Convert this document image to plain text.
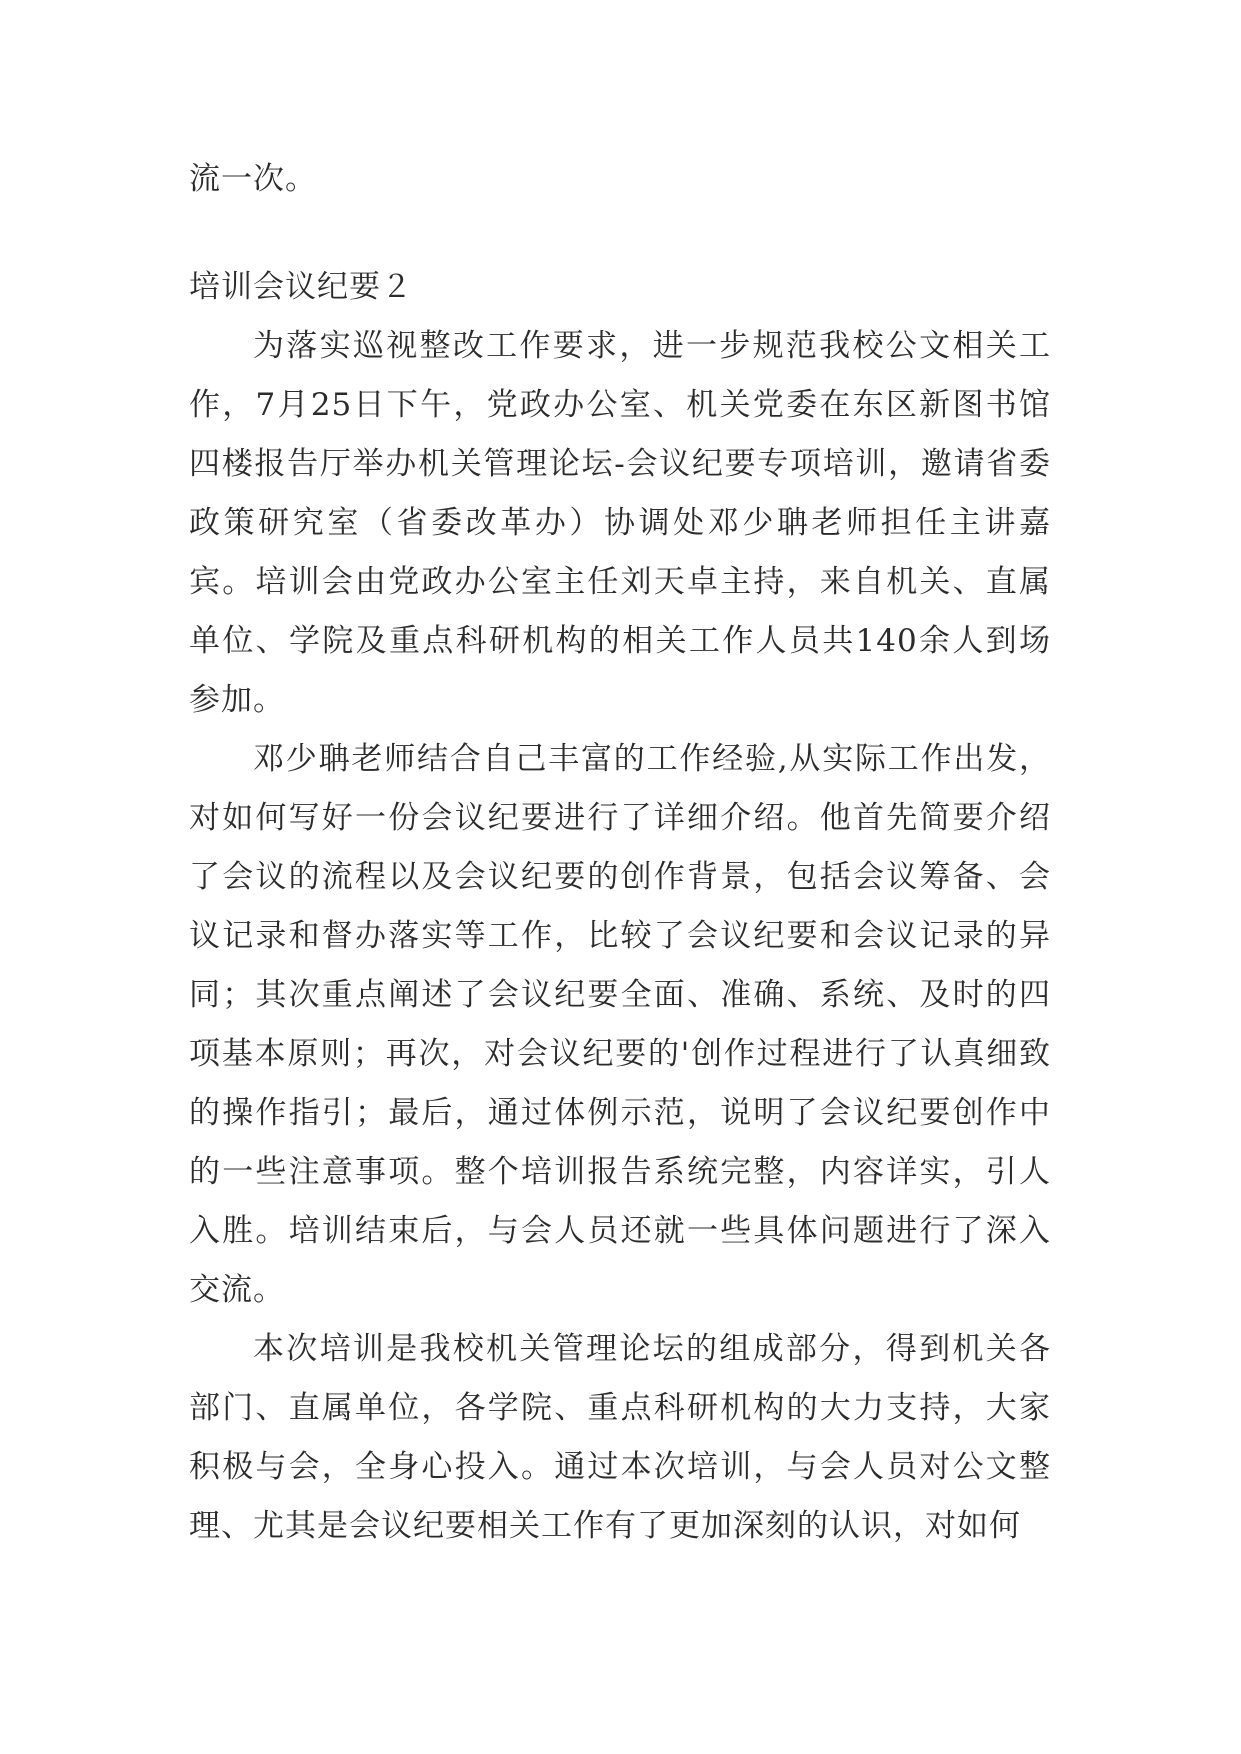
流一次。

培训会议纪要２

为落实巡视整改工作要求，进一步规范我校公文相关工作，7月25日下午，党政办公室、机关党委在东区新图书馆四楼报告厅举办机关管理论坛-会议纪要专项培训，邀请省委政策研究室（省委改革办）协调处邓少聃老师担任主讲嘉宾。培训会由党政办公室主任刘天卓主持，来自机关、直属单位、学院及重点科研机构的相关工作人员共140余人到场参加。

邓少聃老师结合自己丰富的工作经验,从实际工作出发，对如何写好一份会议纪要进行了详细介绍。他首先简要介绍了会议的流程以及会议纪要的创作背景，包括会议筹备、会议记录和督办落实等工作，比较了会议纪要和会议记录的异同；其次重点阐述了会议纪要全面、准确、系统、及时的四项基本原则；再次，对会议纪要的'创作过程进行了认真细致的操作指引；最后，通过体例示范，说明了会议纪要创作中的一些注意事项。整个培训报告系统完整，内容详实，引人入胜。培训结束后，与会人员还就一些具体问题进行了深入交流。

本次培训是我校机关管理论坛的组成部分，得到机关各部门、直属单位，各学院、重点科研机构的大力支持，大家积极与会，全身心投入。通过本次培训，与会人员对公文整理、尤其是会议纪要相关工作有了更加深刻的认识，对如何
